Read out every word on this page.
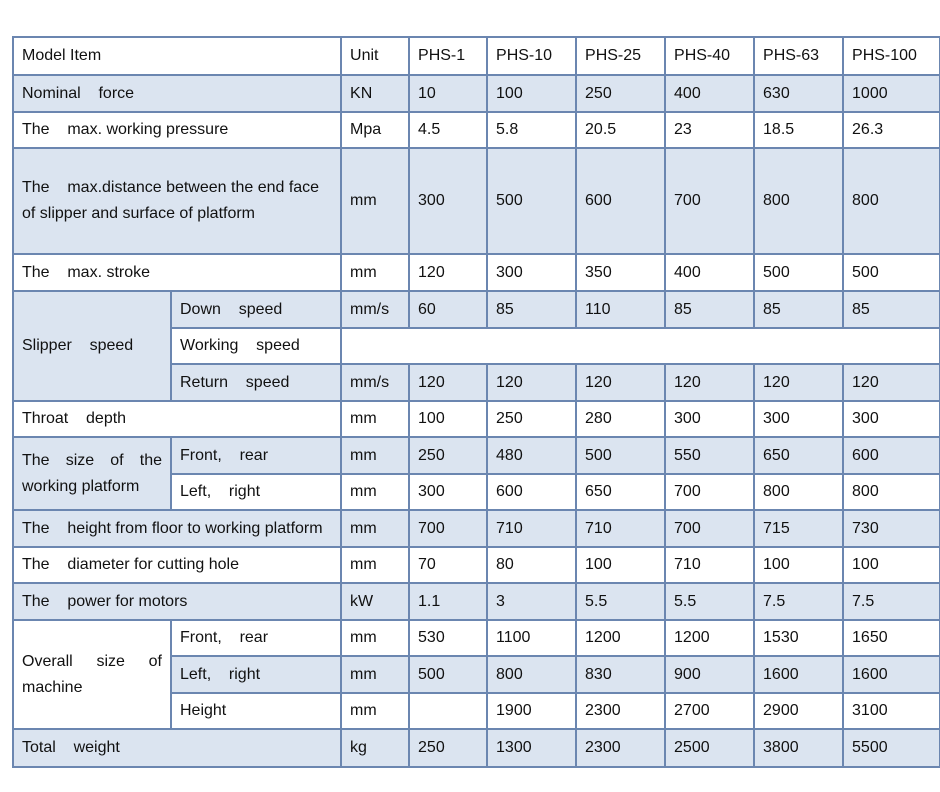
Model Item		Unit	PHS-1	PHS-10	PHS-25	PHS-40	PHS-63	PHS-100
Nominal    force		KN	10	100	250	400	630	1000
The    max. working pressure		Mpa	4.5	5.8	20.5	23	18.5	26.3
The    max.distance between the end face of slipper and surface of platform		mm	300	500	600	700	800	800
The    max. stroke		mm	120	300	350	400	500	500
Slipper    speed	Down    speed	mm/s	60	85	110	85	85	85
	Working    speed							
	Return    speed	mm/s	120	120	120	120	120	120
Throat    depth		mm	100	250	280	300	300	300
The size of the working platform	Front,    rear	mm	250	480	500	550	650	600
	Left,    right	mm	300	600	650	700	800	800
The    height from floor to working platform		mm	700	710	710	700	715	730
The    diameter for cutting hole		mm	70	80	100	710	100	100
The    power for motors		kW	1.1	3	5.5	5.5	7.5	7.5
Overall size of machine	Front,    rear	mm	530	1100	1200	1200	1530	1650
	Left,    right	mm	500	800	830	900	1600	1600
	Height	mm		1900	2300	2700	2900	3100
Total    weight		kg	250	1300	2300	2500	3800	5500
